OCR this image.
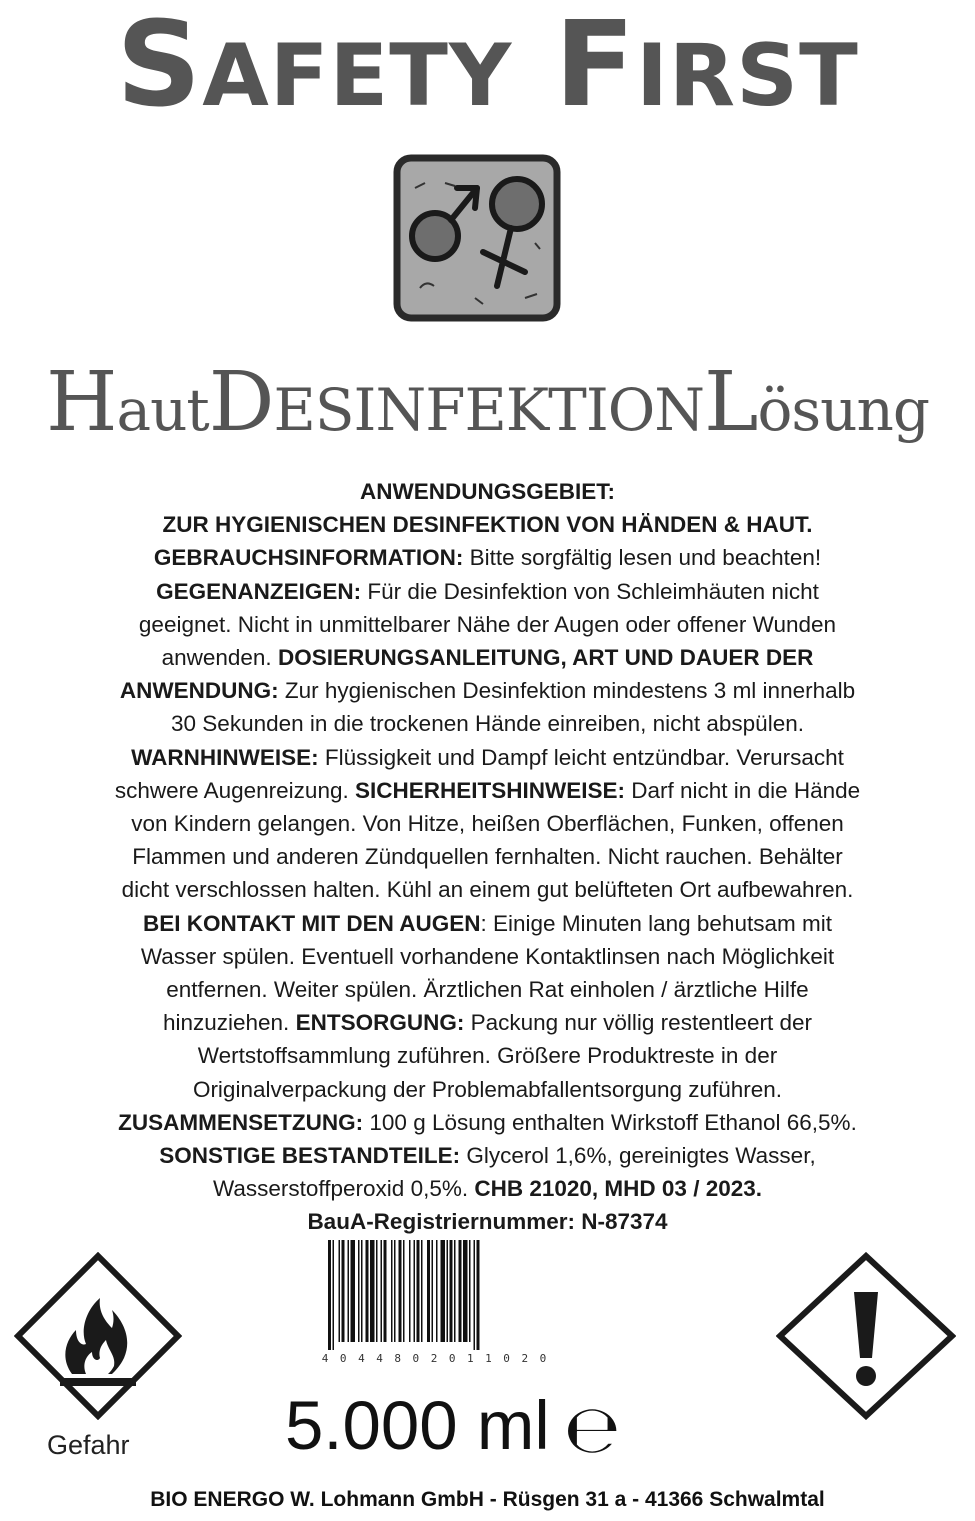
SAFETY FIRST
HautDESINFEKTIONLösung
ANWENDUNGSGEBIET:
ZUR HYGIENISCHEN DESINFEKTION VON HÄNDEN & HAUT.
GEBRAUCHSINFORMATION: Bitte sorgfältig lesen und beachten!
GEGENANZEIGEN: Für die Desinfektion von Schleimhäuten nicht
geeignet. Nicht in unmittelbarer Nähe der Augen oder offener Wunden
anwenden. DOSIERUNGSANLEITUNG, ART UND DAUER DER
ANWENDUNG: Zur hygienischen Desinfektion mindestens 3 ml innerhalb
30 Sekunden in die trockenen Hände einreiben, nicht abspülen.
WARNHINWEISE: Flüssigkeit und Dampf leicht entzündbar. Verursacht
schwere Augenreizung. SICHERHEITSHINWEISE: Darf nicht in die Hände
von Kindern gelangen. Von Hitze, heißen Oberflächen, Funken, offenen
Flammen und anderen Zündquellen fernhalten. Nicht rauchen. Behälter
dicht verschlossen halten. Kühl an einem gut belüfteten Ort aufbewahren.
BEI KONTAKT MIT DEN AUGEN: Einige Minuten lang behutsam mit
Wasser spülen. Eventuell vorhandene Kontaktlinsen nach Möglichkeit
entfernen. Weiter spülen. Ärztlichen Rat einholen / ärztliche Hilfe
hinzuziehen. ENTSORGUNG: Packung nur völlig restentleert der
Wertstoffsammlung zuführen. Größere Produktreste in der
Originalverpackung der Problemabfallentsorgung zuführen.
ZUSAMMENSETZUNG: 100 g Lösung enthalten Wirkstoff Ethanol 66,5%.
SONSTIGE BESTANDTEILE: Glycerol 1,6%, gereinigtes Wasser,
Wasserstoffperoxid 0,5%. CHB 21020, MHD 03 / 2023.
BauA-Registriernummer: N-87374
Gefahr
4 0 4 4 8 0 2 0 1 1 0 2 0
5.000 ml ℮
BIO ENERGO W. Lohmann GmbH - Rüsgen 31 a - 41366 Schwalmtal
